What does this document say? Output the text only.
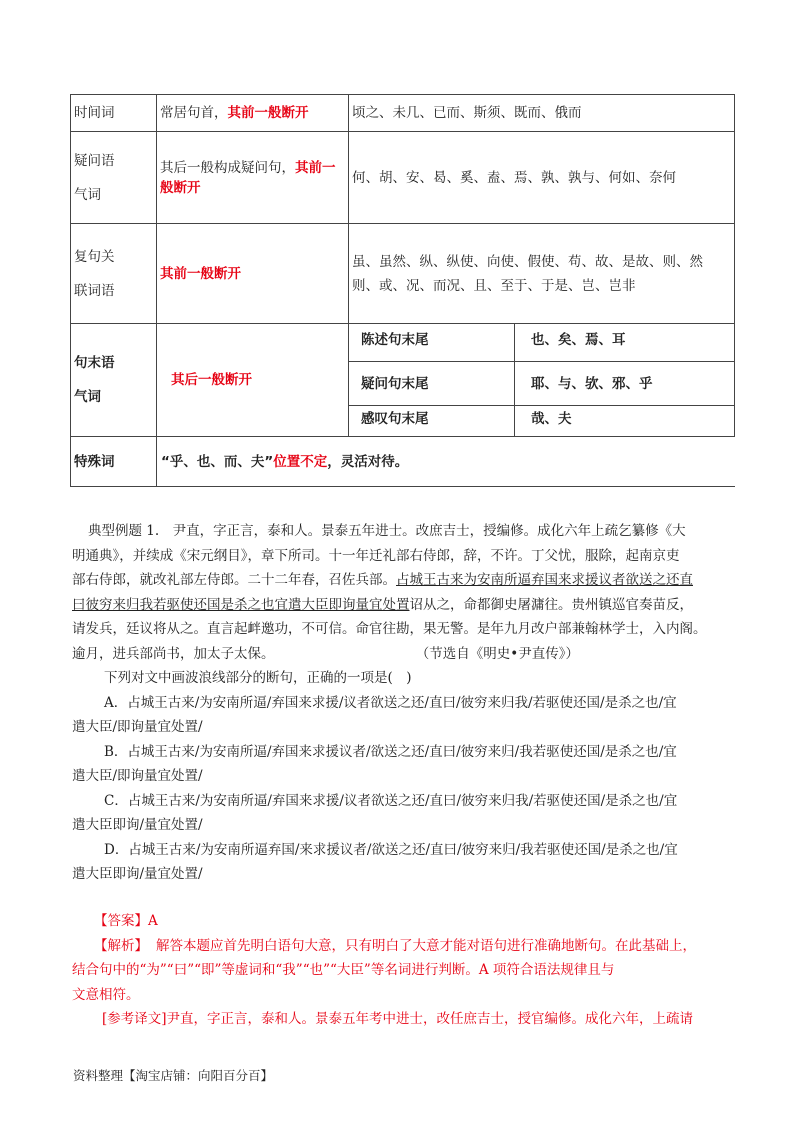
时间词	常居句首，其前一般断开	顷之、未几、已而、斯须、既而、俄而
疑问语
气词	其后一般构成疑问句，其前一般断开	何、胡、安、曷、奚、盍、焉、孰、孰与、何如、奈何
复句关
联词语	其前一般断开	虽、虽然、纵、纵使、向使、假使、苟、故、是故、则、然
则、或、况、而况、且、至于、于是、岂、岂非
句末语
气词	其后一般断开	陈述句末尾	也、矣、焉、耳
		疑问句末尾	耶、与、欤、邪、乎
		感叹句末尾	哉、夫
特殊词	“乎、也、而、夫”位置不定，灵活对待。		
典型例题 1.　尹直，字正言，泰和人。景泰五年进士。改庶吉士，授编修。成化六年上疏乞纂修《大
明通典》，并续成《宋元纲目》，章下所司。十一年迁礼部右侍郎，辞，不许。丁父忧，服除，起南京吏
部右侍郎，就改礼部左侍郎。二十二年春，召佐兵部。占城王古来为安南所逼弃国来求援议者欲送之还直
曰彼穷来归我若驱使还国是杀之也宜遣大臣即询量宜处置诏从之，命都御史屠滽往。贵州镇巡官奏苗反，
请发兵，廷议将从之。直言起衅邀功，不可信。命官往勘，果无警。是年九月改户部兼翰林学士，入内阁。
逾月，进兵部尚书，加太子太保。	（节选自《明史•尹直传》）
下列对文中画波浪线部分的断句，正确的一项是(　)
A．占城王古来/为安南所逼/弃国来求援/议者欲送之还/直曰/彼穷来归我/若驱使还国/是杀之也/宜
遣大臣/即询量宜处置/
B．占城王古来/为安南所逼/弃国来求援议者/欲送之还/直曰/彼穷来归/我若驱使还国/是杀之也/宜
遣大臣/即询量宜处置/
C．占城王古来/为安南所逼/弃国来求援/议者欲送之还/直曰/彼穷来归我/若驱使还国/是杀之也/宜
遣大臣即询/量宜处置/
D．占城王古来/为安南所逼弃国/来求援议者/欲送之还/直曰/彼穷来归/我若驱使还国/是杀之也/宜
遣大臣即询/量宜处置/
【答案】A
【解析】 解答本题应首先明白语句大意，只有明白了大意才能对语句进行准确地断句。在此基础上，
结合句中的“为”“曰”“即”等虚词和“我”“也”“大臣”等名词进行判断。A 项符合语法规律且与
文意相符。
[参考译文]尹直，字正言，泰和人。景泰五年考中进士，改任庶吉士，授官编修。成化六年，上疏请
资料整理【淘宝店铺：向阳百分百】
